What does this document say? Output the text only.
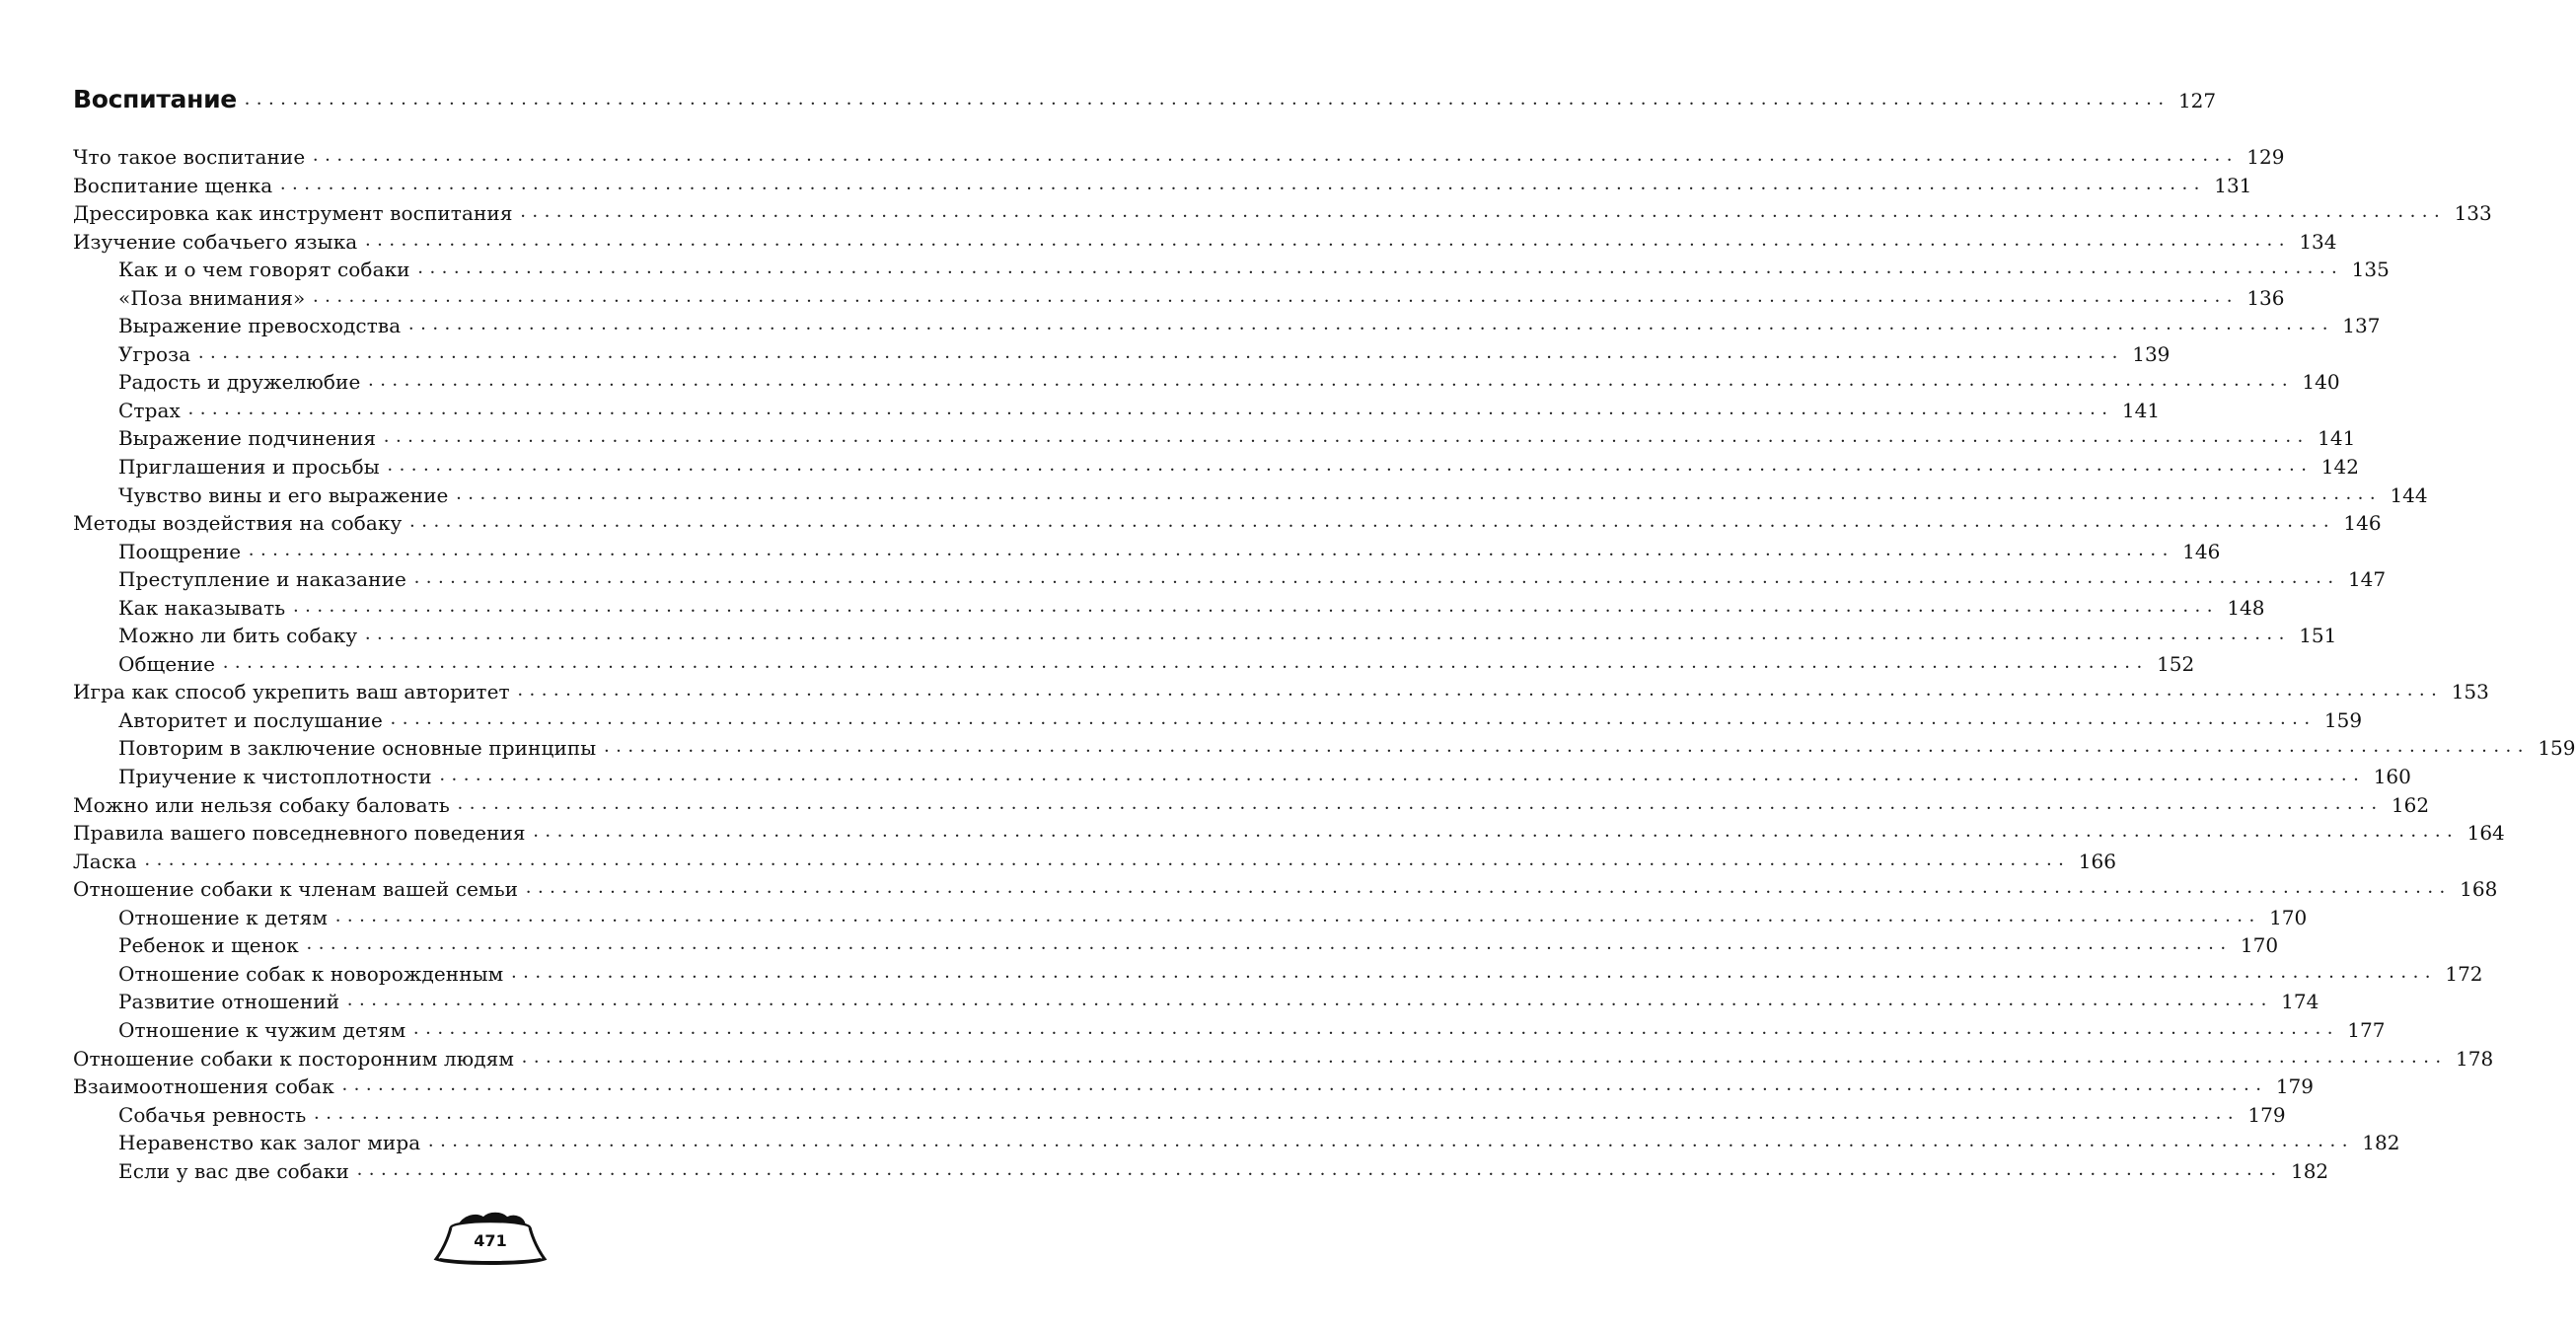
Воспитание ................................................................................................................................................................ 127
Что такое воспитание ................................................................................................................................................................ 129
Воспитание щенка ................................................................................................................................................................ 131
Дрессировка как инструмент воспитания ................................................................................................................................................................ 133
Изучение собачьего языка ................................................................................................................................................................ 134
Как и о чем говорят собаки ................................................................................................................................................................ 135
«Поза внимания» ................................................................................................................................................................ 136
Выражение превосходства ................................................................................................................................................................ 137
Угроза ................................................................................................................................................................ 139
Радость и дружелюбие ................................................................................................................................................................ 140
Страх ................................................................................................................................................................ 141
Выражение подчинения ................................................................................................................................................................ 141
Приглашения и просьбы ................................................................................................................................................................ 142
Чувство вины и его выражение ................................................................................................................................................................ 144
Методы воздействия на собаку ................................................................................................................................................................ 146
Поощрение ................................................................................................................................................................ 146
Преступление и наказание ................................................................................................................................................................ 147
Как наказывать ................................................................................................................................................................ 148
Можно ли бить собаку ................................................................................................................................................................ 151
Общение ................................................................................................................................................................ 152
Игра как способ укрепить ваш авторитет ................................................................................................................................................................ 153
Авторитет и послушание ................................................................................................................................................................ 159
Повторим в заключение основные принципы ................................................................................................................................................................ 159
Приучение к чистоплотности ................................................................................................................................................................ 160
Можно или нельзя собаку баловать ................................................................................................................................................................ 162
Правила вашего повседневного поведения ................................................................................................................................................................ 164
Ласка ................................................................................................................................................................ 166
Отношение собаки к членам вашей семьи ................................................................................................................................................................ 168
Отношение к детям ................................................................................................................................................................ 170
Ребенок и щенок ................................................................................................................................................................ 170
Отношение собак к новорожденным ................................................................................................................................................................ 172
Развитие отношений ................................................................................................................................................................ 174
Отношение к чужим детям ................................................................................................................................................................ 177
Отношение собаки к посторонним людям ................................................................................................................................................................ 178
Взаимоотношения собак ................................................................................................................................................................ 179
Собачья ревность ................................................................................................................................................................ 179
Неравенство как залог мира ................................................................................................................................................................ 182
Если у вас две собаки ................................................................................................................................................................ 182
471
